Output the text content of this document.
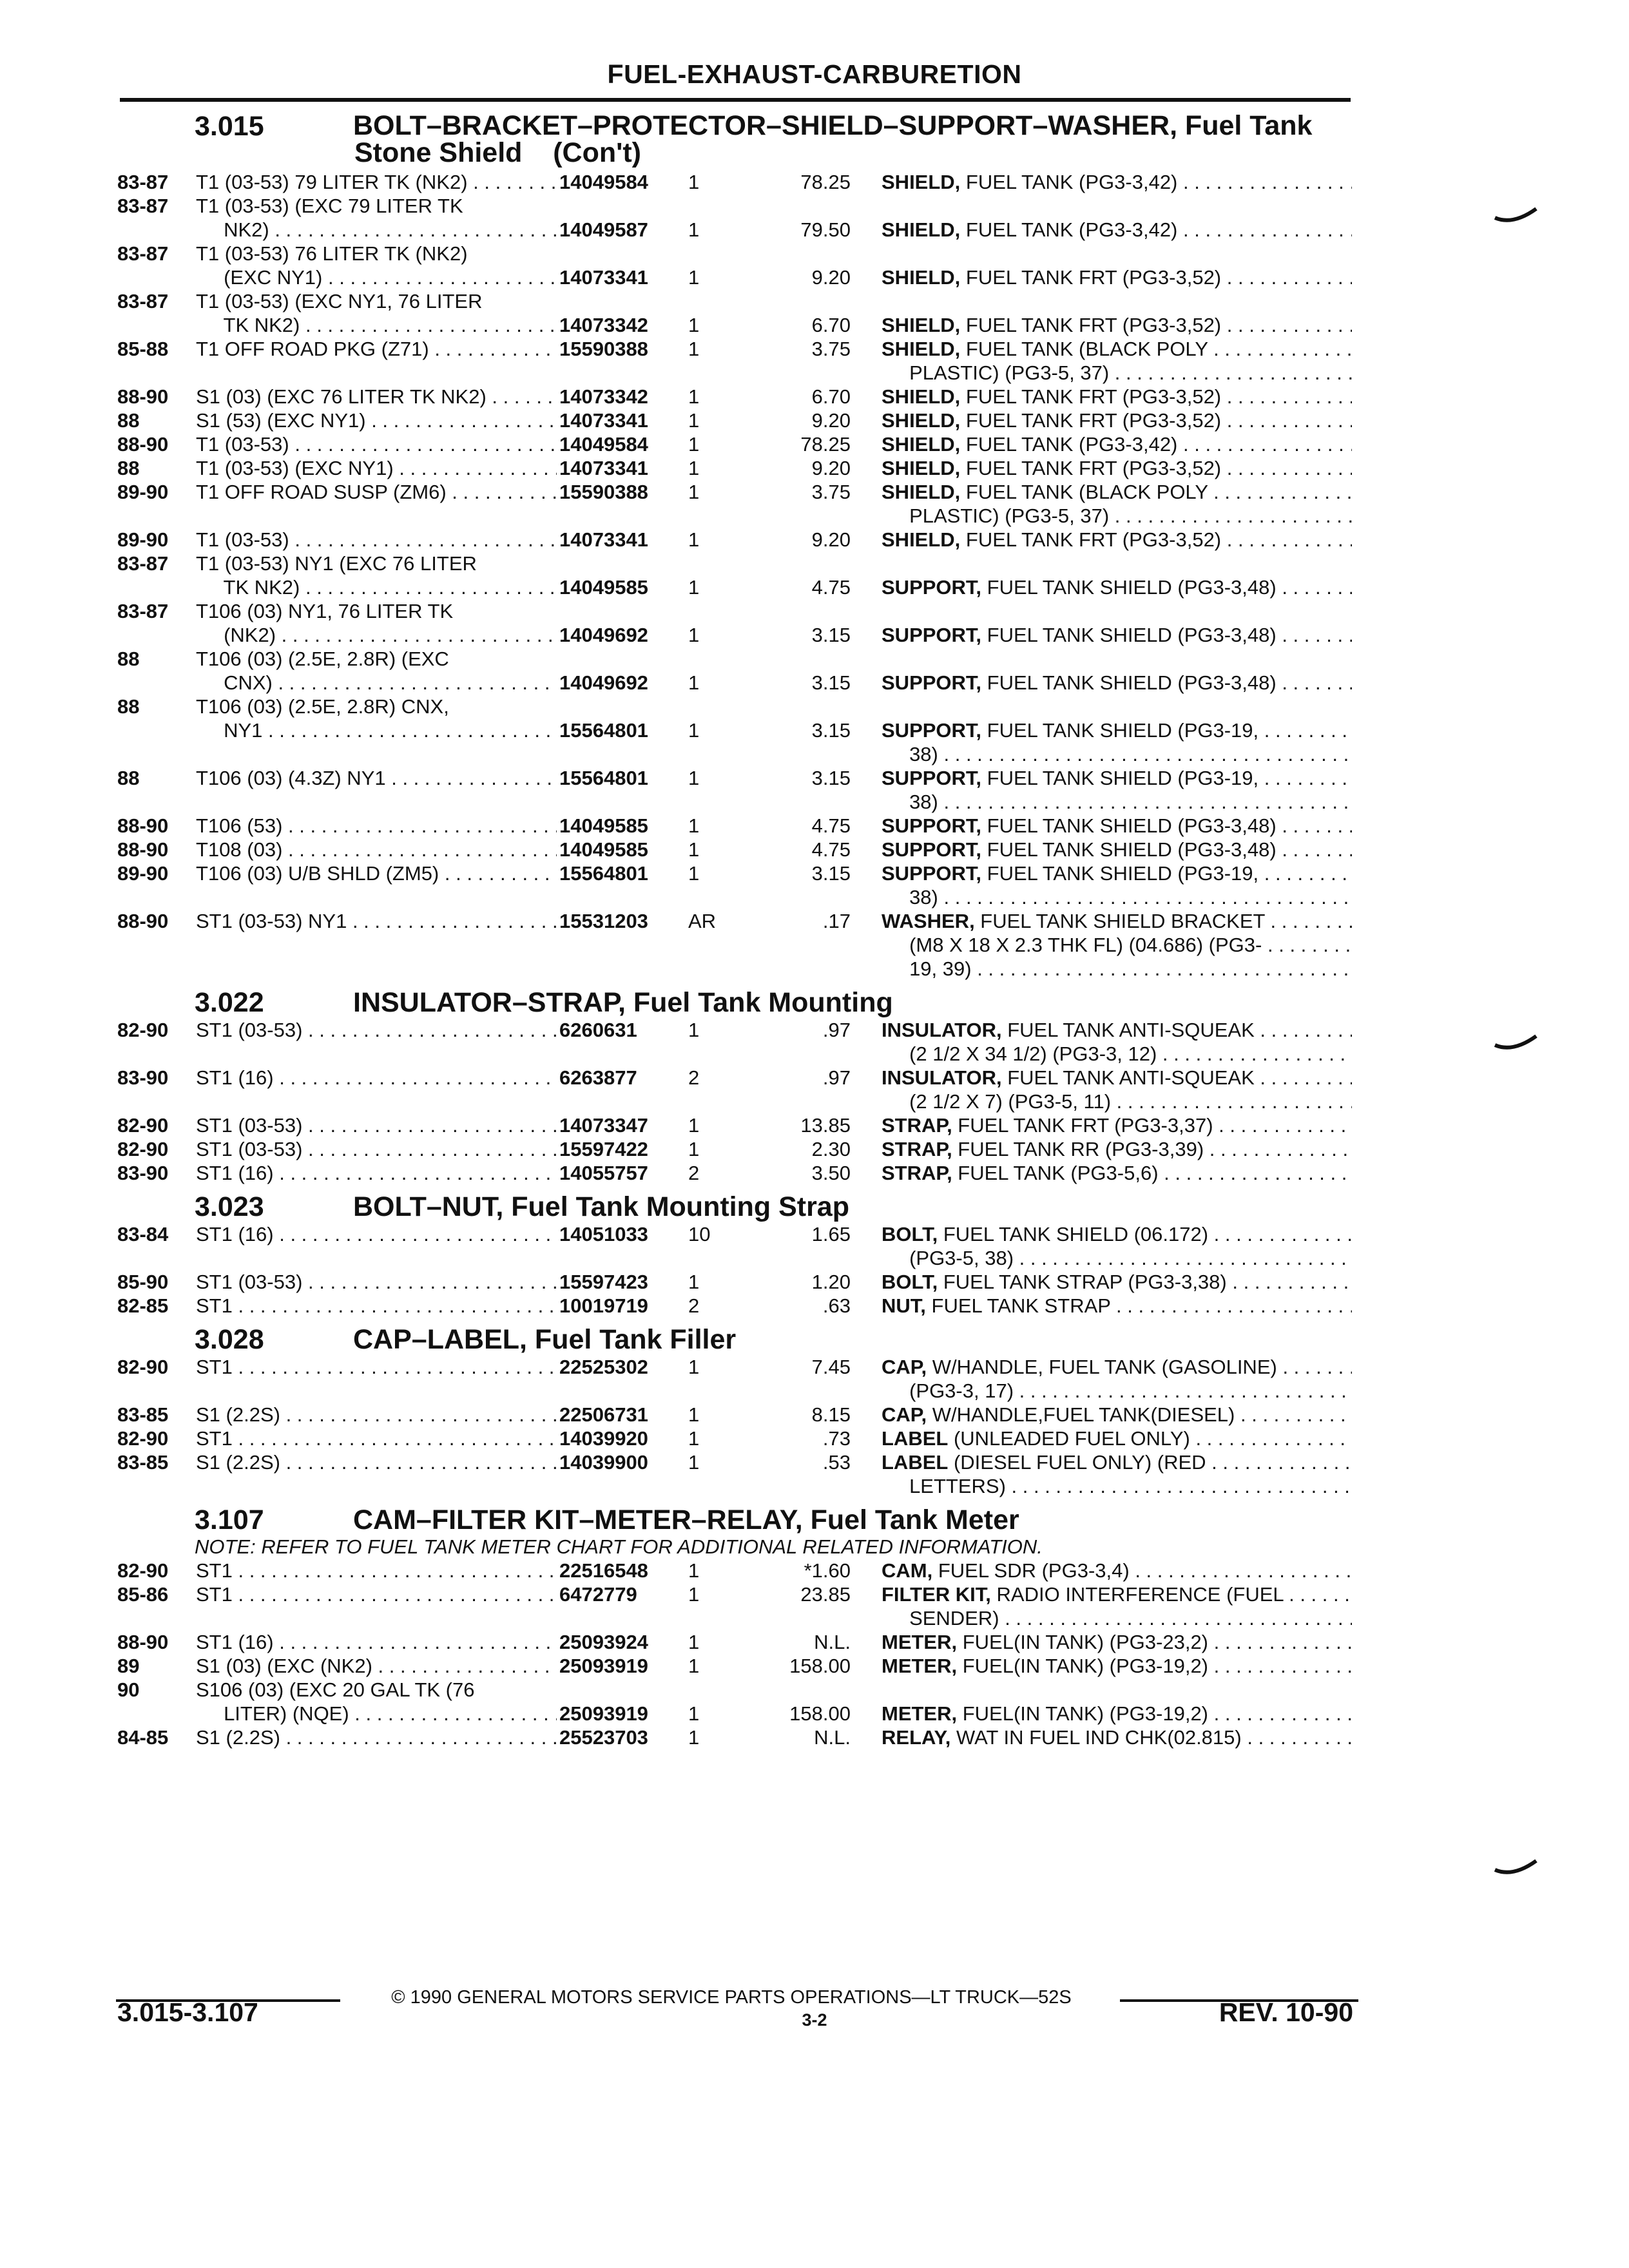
FUEL-EXHAUST-CARBURETION
3.015	BOLT–BRACKET–PROTECTOR–SHIELD–SUPPORT–WASHER, Fuel Tank
Stone Shield    (Con't)
83-87	T1 (03-53) 79 LITER TK (NK2) . . . .	14049584	1	78.25 SHIELD, FUEL TANK (PG3-3,42) . . .
83-87	T1 (03-53) (EXC 79 LITER TK
NK2) . . .	14049587	1	79.50 SHIELD, FUEL TANK (PG3-3,42) . . .
83-87	T1 (03-53) 76 LITER TK (NK2)
(EXC NY1) . . .	14073341	1	9.20 SHIELD, FUEL TANK FRT (PG3-3,52) . . .
83-87	T1 (03-53) (EXC NY1, 76 LITER
TK NK2) . . .	14073342	1	6.70 SHIELD, FUEL TANK FRT (PG3-3,52) . . .
85-88	T1 OFF ROAD PKG (Z71) . . .	15590388	1	3.75 SHIELD, FUEL TANK (BLACK POLY . . .
PLASTIC) (PG3-5, 37) . . .
88-90	S1 (03) (EXC 76 LITER TK NK2) . . .	14073342	1	6.70 SHIELD, FUEL TANK FRT (PG3-3,52) . . .
88	S1 (53) (EXC NY1) . . .	14073341	1	9.20 SHIELD, FUEL TANK FRT (PG3-3,52) . . .
88-90	T1 (03-53) . . .	14049584	1	78.25 SHIELD, FUEL TANK (PG3-3,42) . . .
88	T1 (03-53) (EXC NY1) . . .	14073341	1	9.20 SHIELD, FUEL TANK FRT (PG3-3,52) . . .
89-90	T1 OFF ROAD SUSP (ZM6) . . .	15590388	1	3.75 SHIELD, FUEL TANK (BLACK POLY . . .
PLASTIC) (PG3-5, 37) . . .
89-90	T1 (03-53) . . .	14073341	1	9.20 SHIELD, FUEL TANK FRT (PG3-3,52) . . .
83-87	T1 (03-53) NY1 (EXC 76 LITER
TK NK2) . . .	14049585	1	4.75 SUPPORT, FUEL TANK SHIELD (PG3-3,48) . . .
83-87	T106 (03) NY1, 76 LITER TK
(NK2) . . .	14049692	1	3.15 SUPPORT, FUEL TANK SHIELD (PG3-3,48) . . .
88	T106 (03) (2.5E, 2.8R) (EXC
CNX) . . .	14049692	1	3.15 SUPPORT, FUEL TANK SHIELD (PG3-3,48) . . .
88	T106 (03) (2.5E, 2.8R) CNX,
NY1 . . .	15564801	1	3.15 SUPPORT, FUEL TANK SHIELD (PG3-19, . . .
38) . . .
88	T106 (03) (4.3Z) NY1 . . .	15564801	1	3.15 SUPPORT, FUEL TANK SHIELD (PG3-19, . . .
38) . . .
88-90	T106 (53) . . .	14049585	1	4.75 SUPPORT, FUEL TANK SHIELD (PG3-3,48) . . .
88-90	T108 (03) . . .	14049585	1	4.75 SUPPORT, FUEL TANK SHIELD (PG3-3,48) . . .
89-90	T106 (03) U/B SHLD (ZM5) . . .	15564801	1	3.15 SUPPORT, FUEL TANK SHIELD (PG3-19, . . .
38) . . .
88-90	ST1 (03-53) NY1 . . .	15531203	AR	.17 WASHER, FUEL TANK SHIELD BRACKET . . .
(M8 X 18 X 2.3 THK FL) (04.686) (PG3- . . .
19, 39) . . .
3.022	INSULATOR–STRAP, Fuel Tank Mounting
82-90	ST1 (03-53) . . .	6260631	1	.97 INSULATOR, FUEL TANK ANTI-SQUEAK . . .
(2 1/2 X 34 1/2) (PG3-3, 12) . . .
83-90	ST1 (16) . . .	6263877	2	.97 INSULATOR, FUEL TANK ANTI-SQUEAK . . .
(2 1/2 X 7) (PG3-5, 11) . . .
82-90	ST1 (03-53) . . .	14073347	1	13.85 STRAP, FUEL TANK FRT (PG3-3,37) . . .
82-90	ST1 (03-53) . . .	15597422	1	2.30 STRAP, FUEL TANK RR (PG3-3,39) . . .
83-90	ST1 (16) . . .	14055757	2	3.50 STRAP, FUEL TANK (PG3-5,6) . . .
3.023	BOLT–NUT, Fuel Tank Mounting Strap
83-84	ST1 (16) . . .	14051033	10	1.65 BOLT, FUEL TANK SHIELD (06.172) . . .
(PG3-5, 38) . . .
85-90	ST1 (03-53) . . .	15597423	1	1.20 BOLT, FUEL TANK STRAP (PG3-3,38) . . .
82-85	ST1 . . .	10019719	2	.63 NUT, FUEL TANK STRAP . . .
3.028	CAP–LABEL, Fuel Tank Filler
82-90	ST1 . . .	22525302	1	7.45 CAP, W/HANDLE, FUEL TANK (GASOLINE) . . .
(PG3-3, 17) . . .
83-85	S1 (2.2S) . . .	22506731	1	8.15 CAP, W/HANDLE,FUEL TANK(DIESEL) . . .
82-90	ST1 . . .	14039920	1	.73 LABEL (UNLEADED FUEL ONLY) . . .
83-85	S1 (2.2S) . . .	14039900	1	.53 LABEL (DIESEL FUEL ONLY) (RED . . .
LETTERS) . . .
3.107	CAM–FILTER KIT–METER–RELAY, Fuel Tank Meter
NOTE: REFER TO FUEL TANK METER CHART FOR ADDITIONAL RELATED INFORMATION.
82-90	ST1 . . .	22516548	1	*1.60 CAM, FUEL SDR (PG3-3,4) . . .
85-86	ST1 . . .	6472779	1	23.85 FILTER KIT, RADIO INTERFERENCE (FUEL . . .
SENDER) . . .
88-90	ST1 (16) . . .	25093924	1	N.L. METER, FUEL(IN TANK) (PG3-23,2) . . .
89	S1 (03) (EXC (NK2) . . .	25093919	1	158.00 METER, FUEL(IN TANK) (PG3-19,2) . . .
90	S106 (03) (EXC 20 GAL TK (76
LITER) (NQE) . . .	25093919	1	158.00 METER, FUEL(IN TANK) (PG3-19,2) . . .
84-85	S1 (2.2S) . . .	25523703	1	N.L. RELAY, WAT IN FUEL IND CHK(02.815) . . .
© 1990 GENERAL MOTORS SERVICE PARTS OPERATIONS—LT TRUCK—52S
3.015-3.107	3-2	REV. 10-90
